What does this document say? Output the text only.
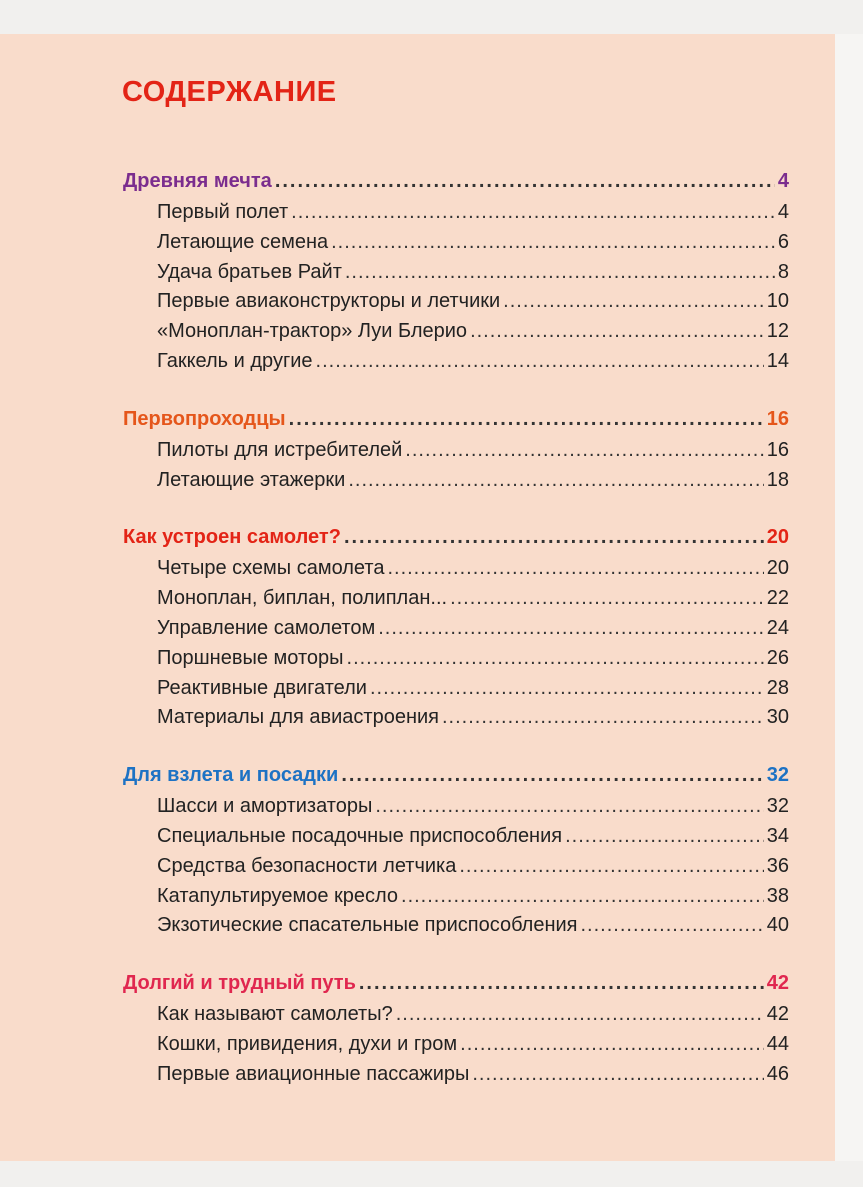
СОДЕРЖАНИЕ
Древняя мечта .....	4
Первый полет .....	4
Летающие семена .....	6
Удача братьев Райт .....	8
Первые авиаконструкторы и летчики .....	10
«Моноплан-трактор» Луи Блерио .....	12
Гаккель и другие .....	14
Первопроходцы .....	16
Пилоты для истребителей .....	16
Летающие этажерки .....	18
Как устроен самолет? .....	20
Четыре схемы самолета .....	20
Моноплан, биплан, полиплан... .....	22
Управление самолетом .....	24
Поршневые моторы .....	26
Реактивные двигатели .....	28
Материалы для авиастроения .....	30
Для взлета и посадки .....	32
Шасси и амортизаторы .....	32
Специальные посадочные приспособления .....	34
Средства безопасности летчика .....	36
Катапультируемое кресло .....	38
Экзотические спасательные приспособления .....	40
Долгий и трудный путь .....	42
Как называют самолеты? .....	42
Кошки, привидения, духи и гром .....	44
Первые авиационные пассажиры .....	46
